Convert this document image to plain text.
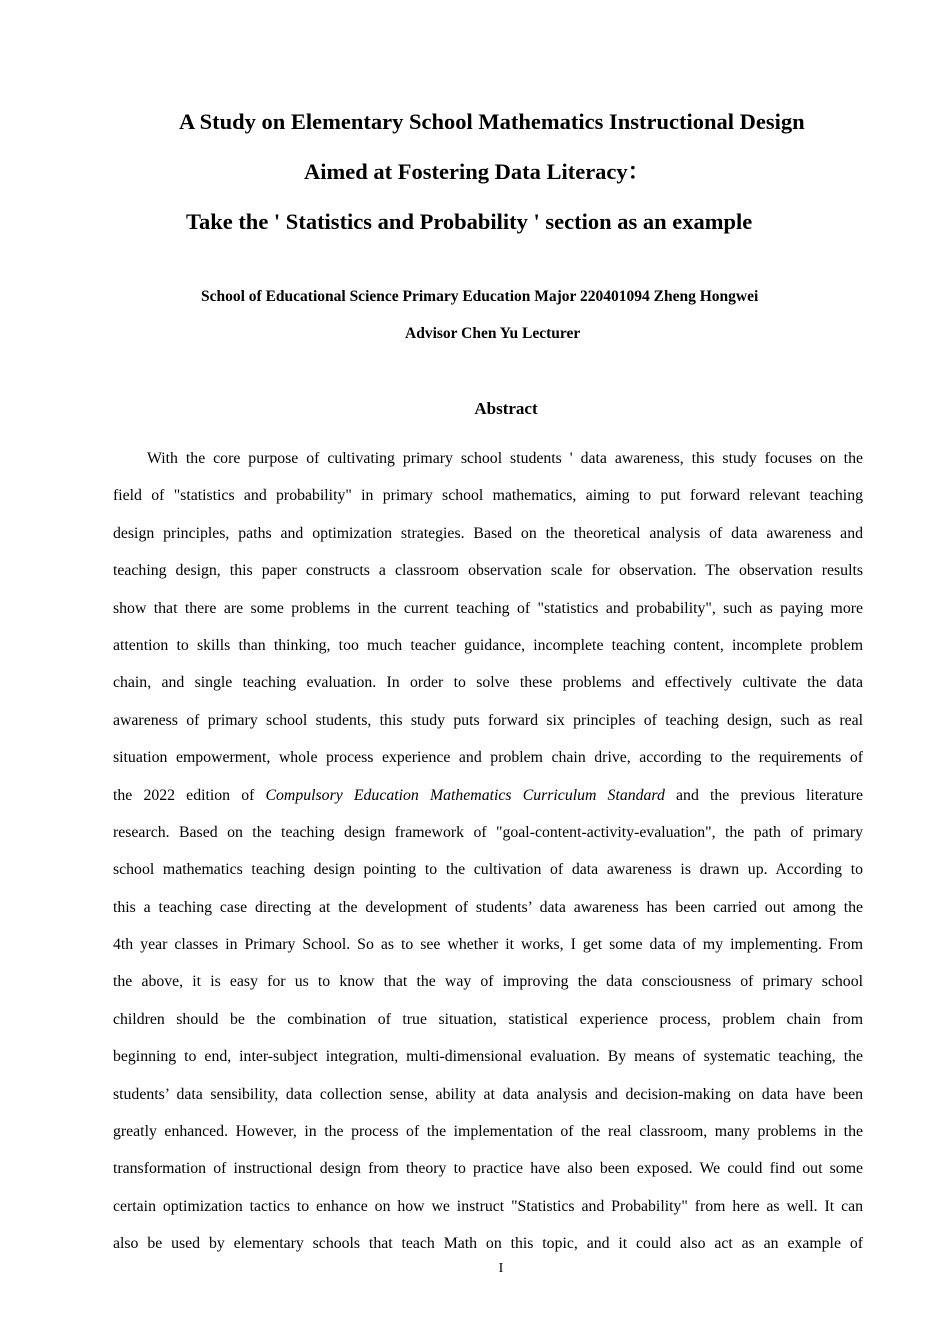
A Study on Elementary School Mathematics Instructional Design
Aimed at Fostering Data Literacy：
Take the ' Statistics and Probability ' section as an example
School of Educational Science Primary Education Major 220401094 Zheng Hongwei
Advisor Chen Yu Lecturer
Abstract
With the core purpose of cultivating primary school students ' data awareness, this study focuses on the
field of "statistics and probability" in primary school mathematics, aiming to put forward relevant teaching
design principles, paths and optimization strategies. Based on the theoretical analysis of data awareness and
teaching design, this paper constructs a classroom observation scale for observation. The observation results
show that there are some problems in the current teaching of "statistics and probability", such as paying more
attention to skills than thinking, too much teacher guidance, incomplete teaching content, incomplete problem
chain, and single teaching evaluation. In order to solve these problems and effectively cultivate the data
awareness of primary school students, this study puts forward six principles of teaching design, such as real
situation empowerment, whole process experience and problem chain drive, according to the requirements of
the 2022 edition of Compulsory Education Mathematics Curriculum Standard and the previous literature
research. Based on the teaching design framework of "goal-content-activity-evaluation", the path of primary
school mathematics teaching design pointing to the cultivation of data awareness is drawn up. According to
this a teaching case directing at the development of students’ data awareness has been carried out among the
4th year classes in Primary School. So as to see whether it works, I get some data of my implementing. From
the above, it is easy for us to know that the way of improving the data consciousness of primary school
children should be the combination of true situation, statistical experience process, problem chain from
beginning to end, inter-subject integration, multi-dimensional evaluation. By means of systematic teaching, the
students’ data sensibility, data collection sense, ability at data analysis and decision-making on data have been
greatly enhanced. However, in the process of the implementation of the real classroom, many problems in the
transformation of instructional design from theory to practice have also been exposed. We could find out some
certain optimization tactics to enhance on how we instruct "Statistics and Probability" from here as well. It can
also be used by elementary schools that teach Math on this topic, and it could also act as an example of
I
